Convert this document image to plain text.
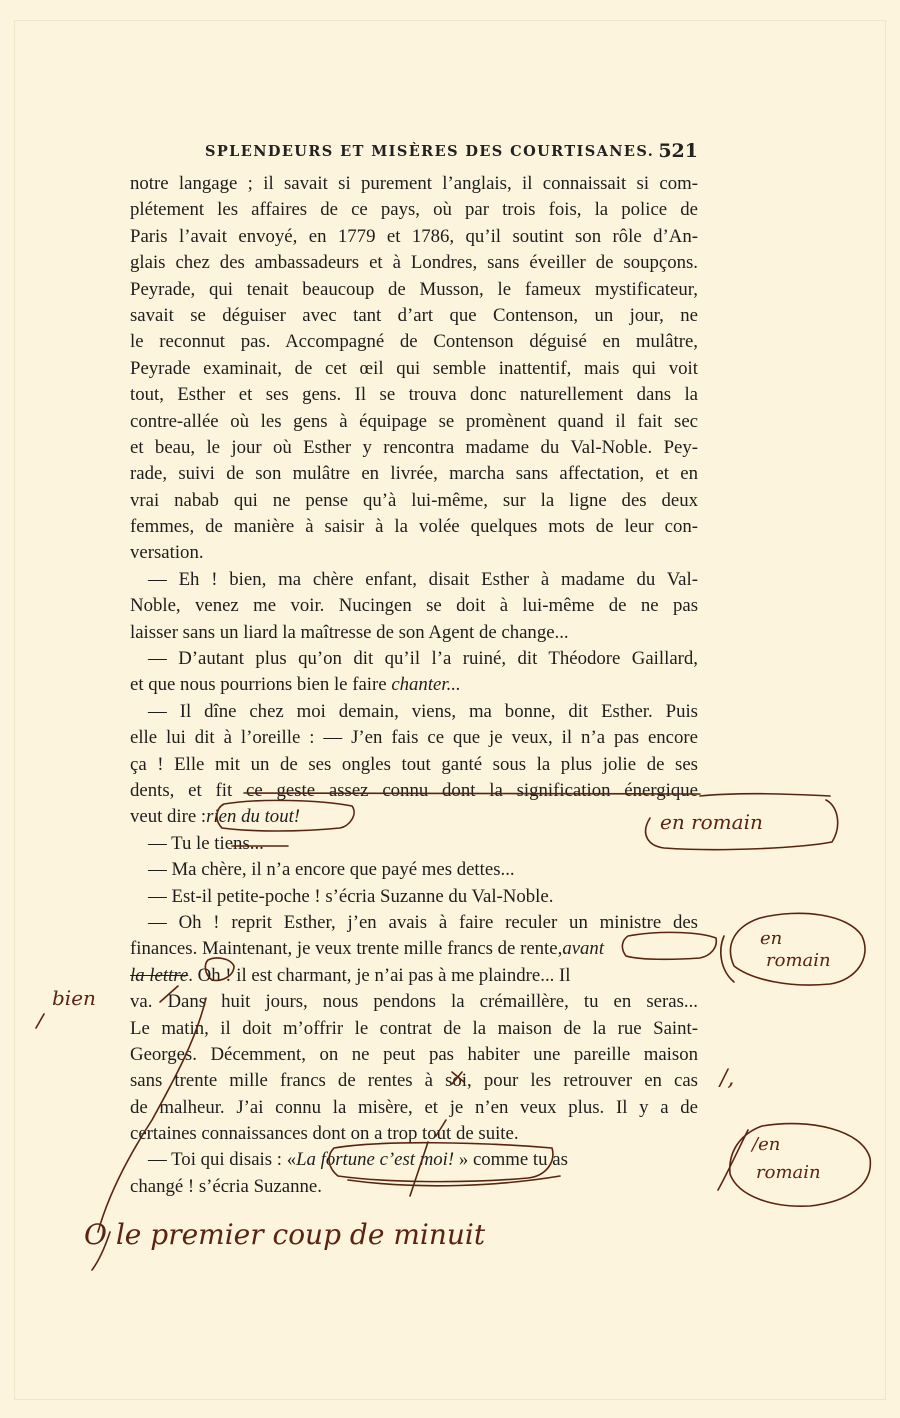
SPLENDEURS ET MISÈRES DES COURTISANES. 521
notre langage ; il savait si purement l’anglais, il connaissait si com-
plétement les affaires de ce pays, où par trois fois, la police de
Paris l’avait envoyé, en 1779 et 1786, qu’il soutint son rôle d’An-
glais chez des ambassadeurs et à Londres, sans éveiller de soupçons.
Peyrade, qui tenait beaucoup de Musson, le fameux mystificateur,
savait se déguiser avec tant d’art que Contenson, un jour, ne
le reconnut pas. Accompagné de Contenson déguisé en mulâtre,
Peyrade examinait, de cet œil qui semble inattentif, mais qui voit
tout, Esther et ses gens. Il se trouva donc naturellement dans la
contre-allée où les gens à équipage se promènent quand il fait sec
et beau, le jour où Esther y rencontra madame du Val-Noble. Pey-
rade, suivi de son mulâtre en livrée, marcha sans affectation, et en
vrai nabab qui ne pense qu’à lui-même, sur la ligne des deux
femmes, de manière à saisir à la volée quelques mots de leur con-
versation.
— Eh ! bien, ma chère enfant, disait Esther à madame du Val-
Noble, venez me voir. Nucingen se doit à lui-même de ne pas
laisser sans un liard la maîtresse de son Agent de change...
— D’autant plus qu’on dit qu’il l’a ruiné, dit Théodore Gaillard,
et que nous pourrions bien le faire chanter...
— Il dîne chez moi demain, viens, ma bonne, dit Esther. Puis
elle lui dit à l’oreille : — J’en fais ce que je veux, il n’a pas encore
ça ! Elle mit un de ses ongles tout ganté sous la plus jolie de ses
dents, et fit ce geste assez connu dont la signification énergique
veut dire :rien du tout!
— Tu le tiens...
— Ma chère, il n’a encore que payé mes dettes...
— Est-il petite-poche ! s’écria Suzanne du Val-Noble.
— Oh ! reprit Esther, j’en avais à faire reculer un ministre des
finances. Maintenant, je veux trente mille francs de rente,avant
la lettre. Oh ! il est charmant, je n’ai pas à me plaindre... Il
va. Dans huit jours, nous pendons la crémaillère, tu en seras...
Le matin, il doit m’offrir le contrat de la maison de la rue Saint-
Georges. Décemment, on ne peut pas habiter une pareille maison
sans trente mille francs de rentes à soi, pour les retrouver en cas
de malheur. J’ai connu la misère, et je n’en veux plus. Il y a de
certaines connaissances dont on a trop tout de suite.
— Toi qui disais : «La fortune c’est moi! » comme tu as
changé ! s’écria Suzanne.
en romain
en
romain
bien
/,
/en
romain
O le premier coup de minuit
